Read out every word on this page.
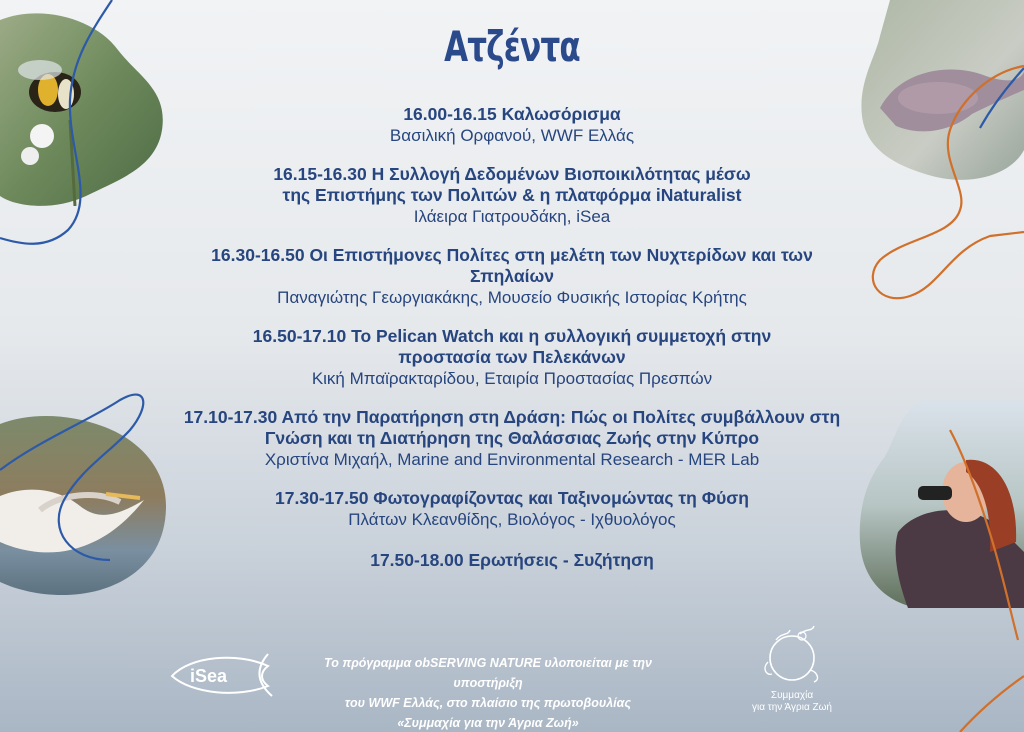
Ατζέντα
16.00-16.15 Καλωσόρισμα
Βασιλική Ορφανού, WWF Ελλάς
16.15-16.30 Η Συλλογή Δεδομένων Βιοποικιλότητας μέσω
της Επιστήμης των Πολιτών & η πλατφόρμα iNaturalist
Ιλάειρα Γιατρουδάκη, iSea
16.30-16.50 Οι Επιστήμονες Πολίτες στη μελέτη των Νυχτερίδων και των
Σπηλαίων
Παναγιώτης Γεωργιακάκης, Μουσείο Φυσικής Ιστορίας Κρήτης
16.50-17.10 Το Pelican Watch και η συλλογική συμμετοχή στην
προστασία των Πελεκάνων
Κική Μπαϊρακταρίδου, Εταιρία Προστασίας Πρεσπών
17.10-17.30 Από την Παρατήρηση στη Δράση: Πώς οι Πολίτες συμβάλλουν στη
Γνώση και τη Διατήρηση της Θαλάσσιας Ζωής στην Κύπρο
Χριστίνα Μιχαήλ, Marine and Environmental Research - MER Lab
17.30-17.50 Φωτογραφίζοντας και Ταξινομώντας τη Φύση
Πλάτων Κλεανθίδης, Βιολόγος - Ιχθυολόγος
17.50-18.00 Ερωτήσεις - Συζήτηση
iSea
Το πρόγραμμα obSERVING NATURE υλοποιείται με την υποστήριξη
του WWF Ελλάς, στο πλαίσιο της πρωτοβουλίας
«Συμμαχία για την Άγρια Ζωή»
Συμμαχία
για την Άγρια Ζωή
